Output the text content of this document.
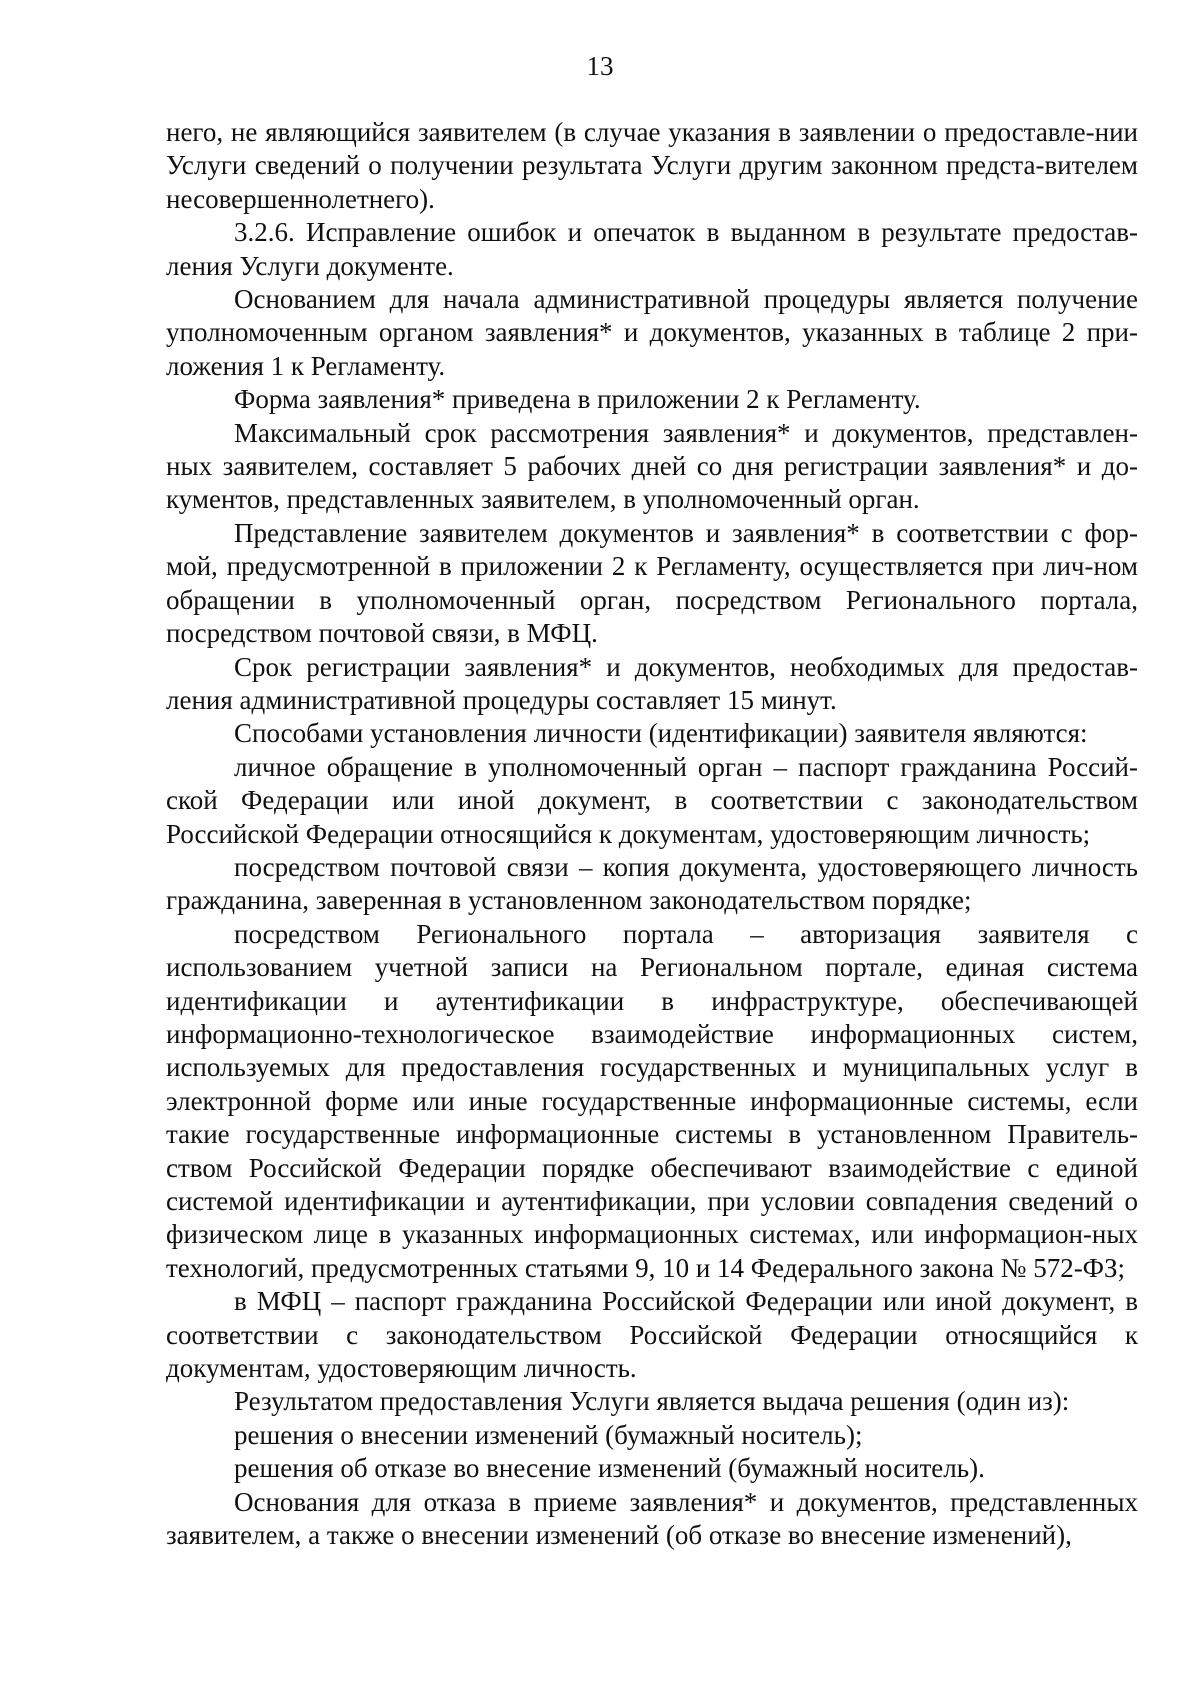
13

него, не являющийся заявителем (в случае указания в заявлении о предоставле-нии Услуги сведений о получении результата Услуги другим законном предста-вителем несовершеннолетнего).

3.2.6. Исправление ошибок и опечаток в выданном в результате предостав-ления Услуги документе.

Основанием для начала административной процедуры является получение уполномоченным органом заявления* и документов, указанных в таблице 2 при-ложения 1 к Регламенту.

Форма заявления* приведена в приложении 2 к Регламенту.

Максимальный срок рассмотрения заявления* и документов, представлен-ных заявителем, составляет 5 рабочих дней со дня регистрации заявления* и до-кументов, представленных заявителем, в уполномоченный орган.

Представление заявителем документов и заявления* в соответствии с фор-мой, предусмотренной в приложении 2 к Регламенту, осуществляется при лич-ном обращении в уполномоченный орган, посредством Регионального портала, посредством почтовой связи, в МФЦ.

Срок регистрации заявления* и документов, необходимых для предостав-ления административной процедуры составляет 15 минут.

Способами установления личности (идентификации) заявителя являются:

личное обращение в уполномоченный орган – паспорт гражданина Россий-ской Федерации или иной документ, в соответствии с законодательством Российской Федерации относящийся к документам, удостоверяющим личность;

посредством почтовой связи – копия документа, удостоверяющего личность гражданина, заверенная в установленном законодательством порядке;

посредством Регионального портала – авторизация заявителя с использованием учетной записи на Региональном портале, единая система идентификации и аутентификации в инфраструктуре, обеспечивающей информационно-технологическое взаимодействие информационных систем, используемых для предоставления государственных и муниципальных услуг в электронной форме или иные государственные информационные системы, если такие государственные информационные системы в установленном Правитель-ством Российской Федерации порядке обеспечивают взаимодействие с единой системой идентификации и аутентификации, при условии совпадения сведений о физическом лице в указанных информационных системах, или информацион-ных технологий, предусмотренных статьями 9, 10 и 14 Федерального закона № 572-ФЗ;

в МФЦ – паспорт гражданина Российской Федерации или иной документ, в соответствии с законодательством Российской Федерации относящийся к документам, удостоверяющим личность.

Результатом предоставления Услуги является выдача решения (один из):

решения о внесении изменений (бумажный носитель);

решения об отказе во внесение изменений (бумажный носитель).

Основания для отказа в приеме заявления* и документов, представленных заявителем, а также о внесении изменений (об отказе во внесение изменений),
